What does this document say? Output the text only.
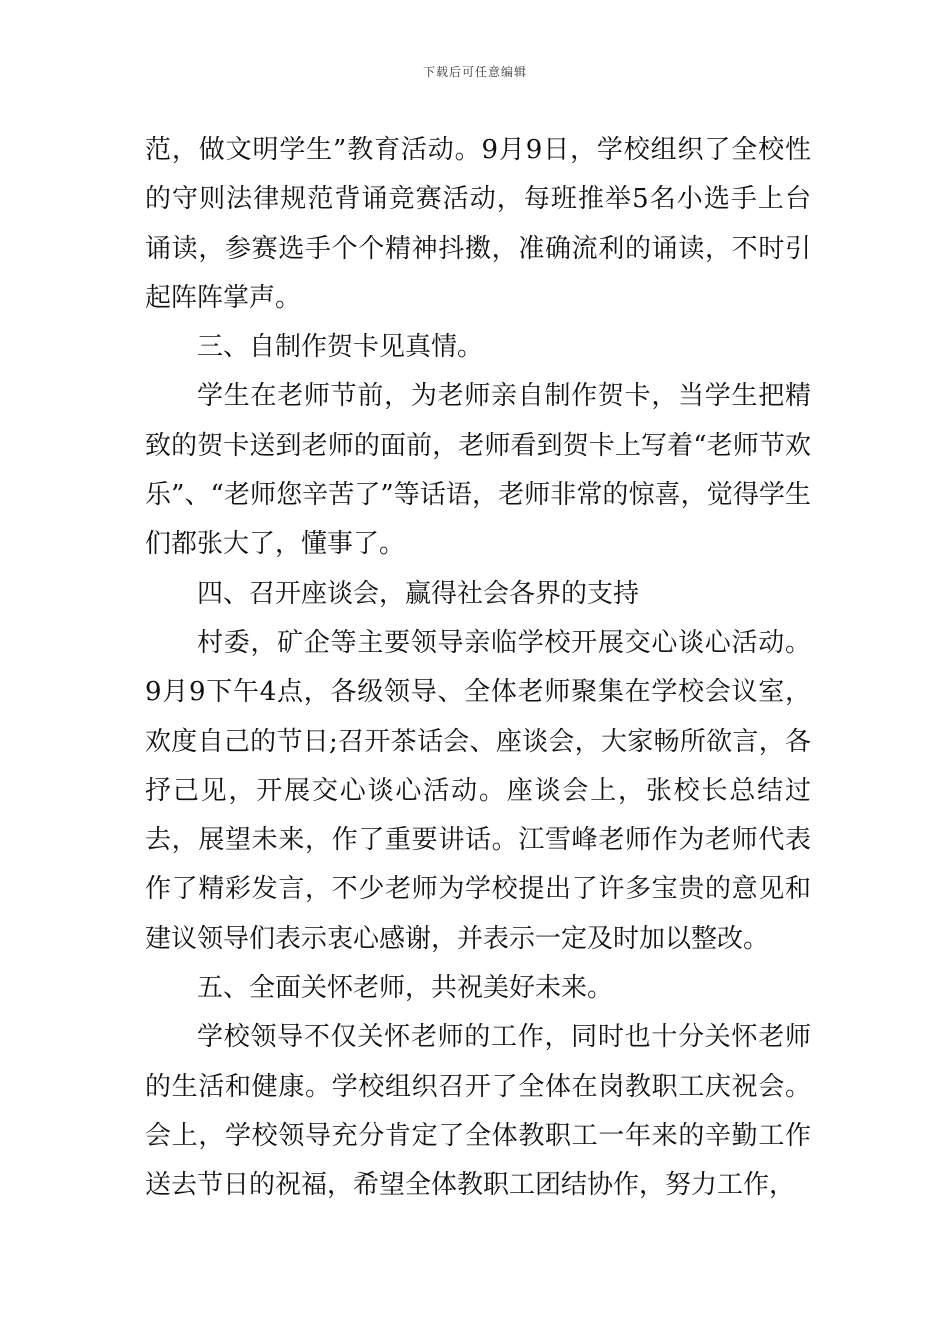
下载后可任意编辑

范，做文明学生”教育活动。9月9日，学校组织了全校性的守则法律规范背诵竞赛活动，每班推举5名小选手上台诵读，参赛选手个个精神抖擞，准确流利的诵读，不时引起阵阵掌声。

三、自制作贺卡见真情。

学生在老师节前，为老师亲自制作贺卡，当学生把精致的贺卡送到老师的面前，老师看到贺卡上写着“老师节欢乐”、“老师您辛苦了”等话语，老师非常的惊喜，觉得学生们都张大了，懂事了。

四、召开座谈会，赢得社会各界的支持

村委，矿企等主要领导亲临学校开展交心谈心活动。9月9下午4点，各级领导、全体老师聚集在学校会议室，欢度自己的节日;召开茶话会、座谈会，大家畅所欲言，各抒己见，开展交心谈心活动。座谈会上，张校长总结过去，展望未来，作了重要讲话。江雪峰老师作为老师代表作了精彩发言，不少老师为学校提出了许多宝贵的意见和建议领导们表示衷心感谢，并表示一定及时加以整改。

五、全面关怀老师，共祝美好未来。

学校领导不仅关怀老师的工作，同时也十分关怀老师的生活和健康。学校组织召开了全体在岗教职工庆祝会。会上，学校领导充分肯定了全体教职工一年来的辛勤工作送去节日的祝福，希望全体教职工团结协作，努力工作，
